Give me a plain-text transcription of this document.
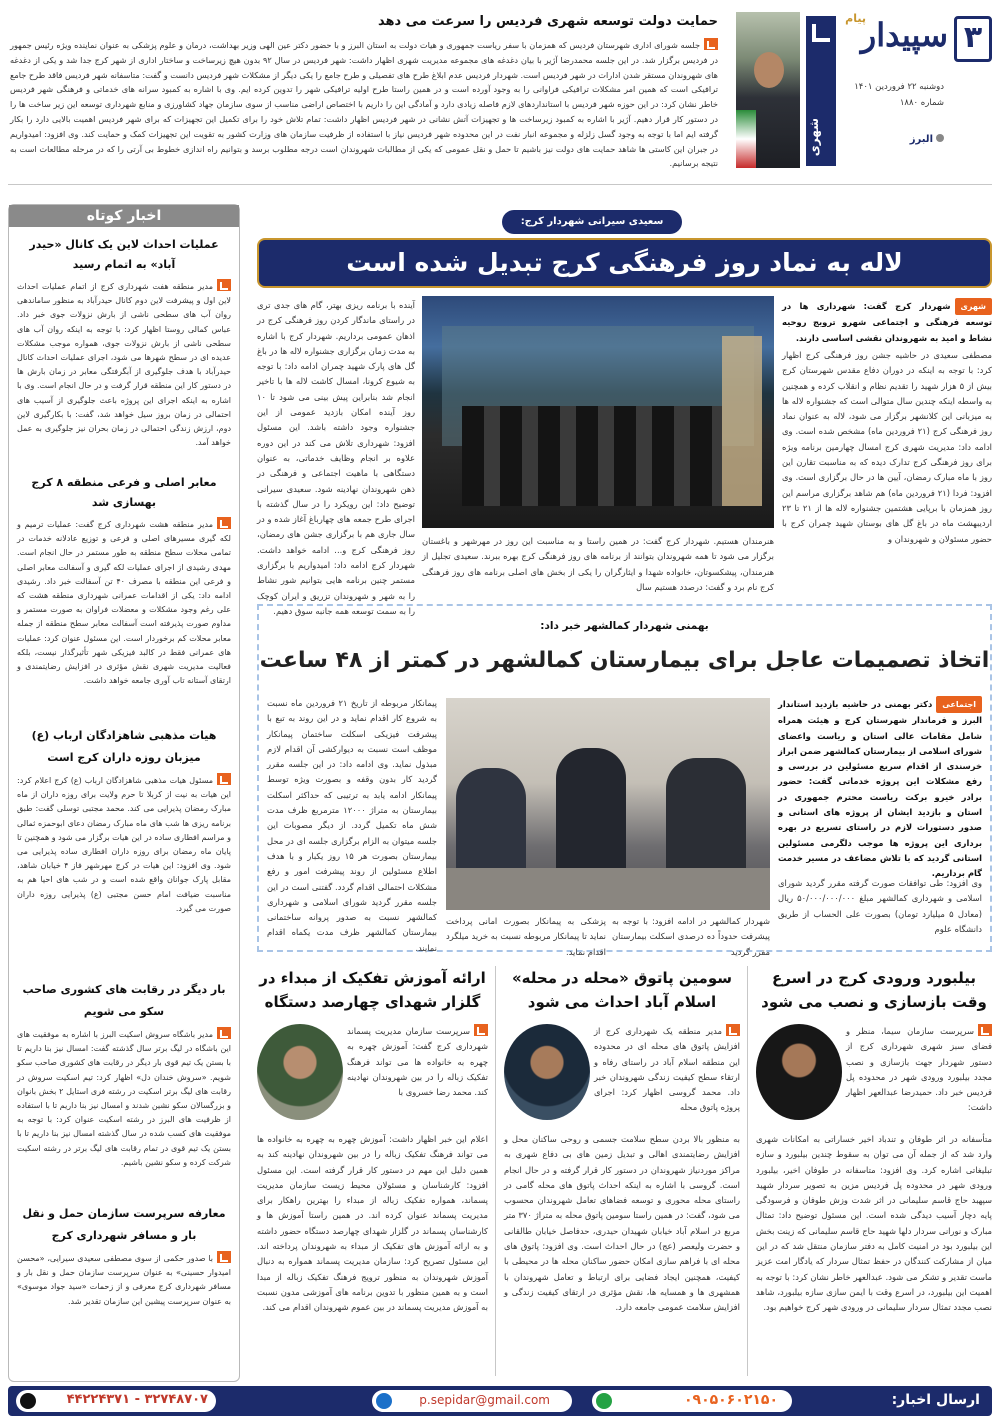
۳
پیام
سپیدار
دوشنبه ۲۲ فروردین ۱۴۰۱
شماره ۱۸۸۰
البرز
شهری
حمایت دولت توسعه شهری فردیس را سرعت می دهد

جلسه شورای اداری شهرستان فردیس که همزمان با سفر ریاست جمهوری و هیات دولت به استان البرز و با حضور دکتر عین الهی وزیر بهداشت، درمان و علوم پزشکی به عنوان نماینده ویژه رئیس جمهور در فردیس برگزار شد. در این جلسه محمدرضا آژیر با بیان دغدغه های مجموعه مدیریت شهری اظهار داشت: شهر فردیس در سال ۹۲ بدون هیچ زیرساخت و ساختار اداری از شهر کرج جدا شد و یکی از دغدغه های شهروندان مستقر شدن ادارات در شهر فردیس است. شهردار فردیس عدم ابلاغ طرح های تفصیلی و طرح جامع را یکی دیگر از مشکلات شهر فردیس دانست و گفت: متاسفانه شهر فردیس فاقد طرح جامع ترافیکی است که همین امر مشکلات ترافیکی فراوانی را به وجود آورده است و در همین راستا طرح اولیه ترافیکی شهر را تدوین کرده ایم. وی با اشاره به کمبود سرانه های خدماتی و فرهنگی شهر فردیس خاطر نشان کرد: در این حوزه شهر فردیس با استانداردهای لازم فاصله زیادی دارد و آمادگی این را داریم با اختصاص اراضی مناسب از سوی سازمان جهاد کشاورزی و منابع شهرداری توسعه این زیر ساخت ها را در دستور کار قرار دهیم. آژیر با اشاره به کمبود زیرساخت ها و تجهیزات آتش نشانی در شهر فردیس اظهار داشت: تمام تلاش خود را برای تکمیل این تجهیزات که برای شهر فردیس اهمیت بالایی دارد را بکار گرفته ایم اما با توجه به وجود گسل زلزله و مجموعه انبار نفت در این محدوده شهر فردیس نیاز با استفاده از ظرفیت سازمان های وزارت کشور به تقویت این تجهیزات کمک و حمایت کند. وی افزود: امیدواریم در جبران این کاستی ها شاهد حمایت های دولت نیز باشیم تا حمل و نقل عمومی که یکی از مطالبات شهروندان است درجه مطلوب برسد و بتوانیم راه اندازی خطوط بی آرتی را که در مرحله مطالعات است به نتیجه برسانیم.

اخبار کوتاه
عملیات احداث لاین یک کانال «حیدر آباد» به اتمام رسید

مدیر منطقه هفت شهرداری کرج از اتمام عملیات احداث لاین اول و پیشرفت لاین دوم کانال حیدرآباد به منظور ساماندهی روان آب های سطحی ناشی از بارش نزولات جوی خبر داد. عباس کمالی روستا اظهار کرد: با توجه به اینکه روان آب های سطحی ناشی از بارش نزولات جوی، همواره موجب مشکلات عدیده ای در سطح شهرها می شود، اجرای عملیات احداث کانال حیدرآباد با هدف جلوگیری از آبگرفتگی معابر در زمان بارش ها در دستور کار این منطقه قرار گرفت و در حال انجام است. وی با اشاره به اینکه اجرای این پروژه باعث جلوگیری از آسیب های احتمالی در زمان بروز سیل خواهد شد، گفت: با بکارگیری لاین دوم، ارزش زندگی احتمالی در زمان بحران نیز جلوگیری به عمل خواهد آمد.

معابر اصلی و فرعی منطقه ۸ کرج بهسازی شد

مدیر منطقه هشت شهرداری کرج گفت: عملیات ترمیم و لکه گیری مسیرهای اصلی و فرعی و توزیع عادلانه خدمات در تمامی محلات سطح منطقه به طور مستمر در حال انجام است. مهدی رشیدی از اجرای عملیات لکه گیری و آسفالت معابر اصلی و فرعی این منطقه با مصرف ۴۰ تن آسفالت خبر داد. رشیدی ادامه داد: یکی از اقدامات عمرانی شهرداری منطقه هشت که علی رغم وجود مشکلات و معضلات فراوان به صورت مستمر و مداوم صورت پذیرفته است آسفالت معابر سطح منطقه از جمله معابر محلات کم برخوردار است. این مسئول عنوان کرد: عملیات های عمرانی فقط در کالبد فیزیکی شهر تأثیرگذار نیست، بلکه فعالیت مدیریت شهری نقش مؤثری در افزایش رضایتمندی و ارتقای آستانه تاب آوری جامعه خواهد داشت.

هیات مذهبی شاهزادگان ارباب (ع) میزبان روزه داران کرج است

مسئول هیات مذهبی شاهزادگان ارباب (ع) کرج اعلام کرد: این هیات به نیت از کربلا تا حرم ولایت برای روزه داران از ماه مبارک رمضان پذیرایی می کند. محمد مجتبی توسلی گفت: طبق برنامه ریزی ها شب های ماه مبارک رمضان دعای ابوحمزه ثمالی و مراسم افطاری ساده در این هیات برگزار می شود و همچنین تا پایان ماه رمضان برای روزه داران افطاری ساده پذیرایی می شود. وی افزود: این هیات در کرج مهرشهر فاز ۴ خیابان شاهد، مقابل پارک جوانان واقع شده است و در شب های احیا هم به مناسبت ضیافت امام حسن مجتبی (ع) پذیرایی روزه داران صورت می گیرد.

بار دیگر در رقابت های کشوری صاحب سکو می شویم

مدیر باشگاه سروش اسکیت البرز با اشاره به موفقیت های این باشگاه در لیگ برتر سال گذشته گفت: امسال نیز بنا داریم تا با بستن یک تیم قوی بار دیگر در رقابت های کشوری صاحب سکو شویم. «سروش خندان دل» اظهار کرد: تیم اسکیت سروش در رقابت های لیگ برتر اسکیت در رشته فری استایل ۲ بخش بانوان و بزرگسالان سکو نشین شدند و امسال نیز بنا داریم تا با استفاده از ظرفیت های البرز در رشته اسکیت عنوان کرد: با توجه به موفقیت های کسب شده در سال گذشته امسال نیز بنا داریم تا با بستن یک تیم قوی در تمام رقابت های لیگ برتر در رشته اسکیت شرکت کرده و سکو نشین باشیم.

معارفه سرپرست سازمان حمل و نقل بار و مسافر شهرداری کرج

با صدور حکمی از سوی مصطفی سعیدی سیرایی، «محسن امیدوار حسینی» به عنوان سرپرست سازمان حمل و نقل بار و مسافر شهرداری کرج معرفی و از زحمات «سید جواد موسوی» به عنوان سرپرست پیشین این سازمان تقدیر شد.

سعیدی سیرانی شهردار کرج:
لاله به نماد روز فرهنگی کرج تبدیل شده است

شهریشهردار کرج گفت: شهرداری ها در توسعه فرهنگی و اجتماعی شهرو ترویج روحیه نشاط و امید به شهروندان نقشی اساسی دارند.

مصطفی سعیدی در حاشیه جشن روز فرهنگی کرج اظهار کرد: با توجه به اینکه در دوران دفاع مقدس شهرستان کرج بیش از ۵ هزار شهید را تقدیم نظام و انقلاب کرده و همچنین به واسطه اینکه چندین سال متوالی است که جشنواره لاله ها به میزبانی این کلانشهر برگزار می شود، لاله به عنوان نماد روز فرهنگی کرج (۲۱ فروردین ماه) مشخص شده است. وی ادامه داد: مدیریت شهری کرج امسال چهارمین برنامه ویژه برای روز فرهنگی کرج تدارک دیده که به مناسبت تقارن این روز با ماه مبارک رمضان، آیین ها در حال برگزاری است. وی افزود: فردا (۲۱ فروردین ماه) هم شاهد برگزاری مراسم این روز همزمان با برپایی هشتمین جشنواره لاله ها از ۲۱ تا ۲۳ اردیبهشت ماه در باغ گل های بوستان شهید چمران کرج با حضور مسئولان و شهروندان و

هنرمندان هستیم. شهردار کرج گفت: در همین راستا و به مناسبت این روز در مهرشهر و باغستان برگزار می شود تا همه شهروندان بتوانند از برنامه های روز فرهنگی کرج بهره ببرند. سعیدی تجلیل از هنرمندان، پیشکسوتان، خانواده شهدا و ایثارگران را یکی از بخش های اصلی برنامه های روز فرهنگی کرج نام برد و گفت: درصدد هستیم سال

آینده با برنامه ریزی بهتر، گام های جدی تری در راستای ماندگار کردن روز فرهنگی کرج در اذهان عمومی برداریم. شهردار کرج با اشاره به مدت زمان برگزاری جشنواره لاله ها در باغ گل های پارک شهید چمران ادامه داد: با توجه به شیوع کرونا، امسال کاشت لاله ها با تاخیر انجام شد بنابراین پیش بینی می شود تا ۱۰ روز آینده امکان بازدید عمومی از این جشنواره وجود داشته باشد. این مسئول افزود: شهرداری تلاش می کند در این دوره علاوه بر انجام وظایف خدماتی، به عنوان دستگاهی با ماهیت اجتماعی و فرهنگی در ذهن شهروندان نهادینه شود. سعیدی سیرانی توضیح داد: این رویکرد را در سال گذشته با اجرای طرح جمعه های چهارباغ آغاز شده و در سال جاری هم با برگزاری جشن های رمضان، روز فرهنگی کرج و... ادامه خواهد داشت. شهردار کرج ادامه داد: امیدواریم با برگزاری مستمر چنین برنامه هایی بتوانیم شور نشاط را به شهر و شهروندان تزریق و ایران کوچک را به سمت توسعه همه جانبه سوق دهیم.

بهمنی شهردار کمالشهر خبر داد:
اتخاذ تصمیمات عاجل برای بیمارستان کمالشهر در کمتر از ۴۸ ساعت

اجتماعیدکتر بهمنی در حاشیه بازدید استاندار البرز و فرماندار شهرستان کرج و هیئت همراه شامل مقامات عالی استان و ریاست واعضای شورای اسلامی از بیمارستان کمالشهر ضمن ابراز خرسندی از اقدام سریع مسئولین در بررسی و رفع مشکلات این پروژه خدماتی گفت: حضور برادر خیرو برکت ریاست محترم جمهوری در استان و بازدید ایشان از پروژه های استانی و صدور دستورات لازم در راستای تسریع در بهره برداری این پروژه ها موجب دلگرمی مسئولین استانی گردید که با تلاش مضاعف در مسیر خدمت گام برداریم.

وی افزود: طی توافقات صورت گرفته مقرر گردید شورای اسلامی و شهرداری کمالشهر مبلغ ۵۰/۰۰۰/۰۰۰/۰۰۰ ریال (معادل ۵ میلیارد تومان) بصورت علی الحساب از طریق دانشگاه علوم

شهردار کمالشهر در ادامه افزود: با توجه به پیشرفت حدوداً ده درصدی اسکلت بیمارستان مقرر گردید

پزشکی به پیمانکار بصورت امانی پرداخت نماید تا پیمانکار مربوطه نسبت به خرید میلگرد اقدام نماید.

پیمانکار مربوطه از تاریخ ۲۱ فروردین ماه نسبت به شروع کار اقدام نماید و در این روند به تبع با پیشرفت فیزیکی اسکلت ساختمان پیمانکار موظف است نسبت به دیوارکشی آن اقدام لازم مبذول نماید. وی ادامه داد: در این جلسه مقرر گردید کار بدون وقفه و بصورت ویژه توسط پیمانکار ادامه یابد به ترتیبی که حداکثر اسکلت بیمارستان به متراژ ۱۲۰۰۰ مترمربع ظرف مدت شش ماه تکمیل گردد. از دیگر مصوبات این جلسه میتوان به الزام برگزاری جلسه ای در محل بیمارستان بصورت هر ۱۵ روز یکبار و با هدف اطلاع مسئولین از روند پیشرفت امور و رفع مشکلات احتمالی اقدام گردد. گفتنی است در این جلسه مقرر گردید شورای اسلامی و شهرداری کمالشهر نسبت به صدور پروانه ساختمانی بیمارستان کمالشهر ظرف مدت یکماه اقدام نمایند.

بیلبورد ورودی کرج در اسرع وقت بازسازی و نصب می شود

سرپرست سازمان سیما، منظر و فضای سبز شهری شهرداری کرج از دستور شهردار جهت بازسازی و نصب مجدد بیلبورد ورودی شهر در محدوده پل فردیس خبر داد. حمیدرضا عبدالعهر اظهار داشت:

متأسفانه در اثر طوفان و تندباد اخیر خساراتی به امکانات شهری وارد شد که از جمله آن می توان به سقوط چندین بیلبورد و سازه تبلیغاتی اشاره کرد. وی افزود: متاسفانه در طوفان اخیر، بیلبورد ورودی شهر در محدوده پل فردیس مزین به تصویر سردار شهید سپهبد حاج قاسم سلیمانی در اثر شدت وزش طوفان و فرسودگی پایه دچار آسیب دیدگی شده است. این مسئول توضیح داد: تمثال مبارک و نورانی سردار دلها شهید حاج قاسم سلیمانی که زینت بخش این بیلبورد بود در امنیت کامل به دفتر سازمان منتقل شد که در این میان از مشارکت کنندگان در حفظ تمثال سردار که یادگار امت عزیز ماست تقدیر و تشکر می شود. عبدالعهر خاطر نشان کرد: با توجه به اهمیت این بیلبورد، در اسرع وقت با ایمن سازی سازه بیلبورد، شاهد نصب مجدد تمثال سردار سلیمانی در ورودی شهر کرج خواهیم بود.

سومین پاتوق «محله در محله» اسلام آباد احداث می شود

مدیر منطقه یک شهرداری کرج از افزایش پاتوق های محله ای در محدوده این منطقه اسلام آباد در راستای رفاه و ارتقاء سطح کیفیت زندگی شهروندان خبر داد. محمد گروسی اظهار کرد: اجرای پروژه پاتوق محله

به منظور بالا بردن سطح سلامت جسمی و روحی ساکنان محل و افزایش رضایتمندی اهالی و تبدیل زمین های بی دفاع شهری به مراکز موردنیاز شهروندان در دستور کار قرار گرفته و در حال انجام است. گروسی با اشاره به اینکه احداث پاتوق های محله گامی در راستای محله محوری و توسعه فضاهای تعامل شهروندان محسوب می شود، گفت: در همین راستا سومین پاتوق محله به متراژ ۳۷۰ متر مربع در اسلام آباد خیابان شهیدان حیدری، حدفاصل خیابان طالقانی و حضرت ولیعصر (عج) در حال احداث است. وی افزود: پاتوق های محله ای با فراهم سازی امکان حضور ساکنان محله ها در محیطی با کیفیت، همچنین ایجاد فضایی برای ارتباط و تعامل شهروندان با همشهری ها و همسایه ها، نقش مؤثری در ارتقای کیفیت زندگی و افزایش سلامت عمومی جامعه دارد.

ارائه آموزش تفکیک از مبداء در گلزار شهدای چهارصد دستگاه

سرپرست سازمان مدیریت پسماند شهرداری کرج گفت: آموزش چهره به چهره به خانواده ها می تواند فرهنگ تفکیک زباله را در بین شهروندان نهادینه کند. محمد رضا خسروی با

اعلام این خبر اظهار داشت: آموزش چهره به چهره به خانواده ها می تواند فرهنگ تفکیک زباله را در بین شهروندان نهادینه کند به همین دلیل این مهم در دستور کار قرار گرفته است. این مسئول افزود: کارشناسان و مسئولان محیط زیست سازمان مدیریت پسماند، همواره تفکیک زباله از مبداء را بهترین راهکار برای مدیریت پسماند عنوان کرده اند. در همین راستا آموزش ها و کارشناسان پسماند در گلزار شهدای چهارصد دستگاه حضور داشته و به ارائه آموزش های تفکیک از مبداء به شهروندان پرداخته اند. این مسئول تصریح کرد: سازمان مدیریت پسماند همواره به دنبال آموزش شهروندان به منظور ترویج فرهنگ تفکیک زباله از مبدا است و به همین منظور با تدوین برنامه های آموزشی مدون نسبت به آموزش مدیریت پسماند در بین عموم شهروندان اقدام می کند.

ارسال اخبار:
۰۹۰۵۰۶۰۲۱۵۰
p.sepidar@gmail.com
۳۲۷۴۸۷۰۷ - ۴۴۲۲۴۳۷۱
